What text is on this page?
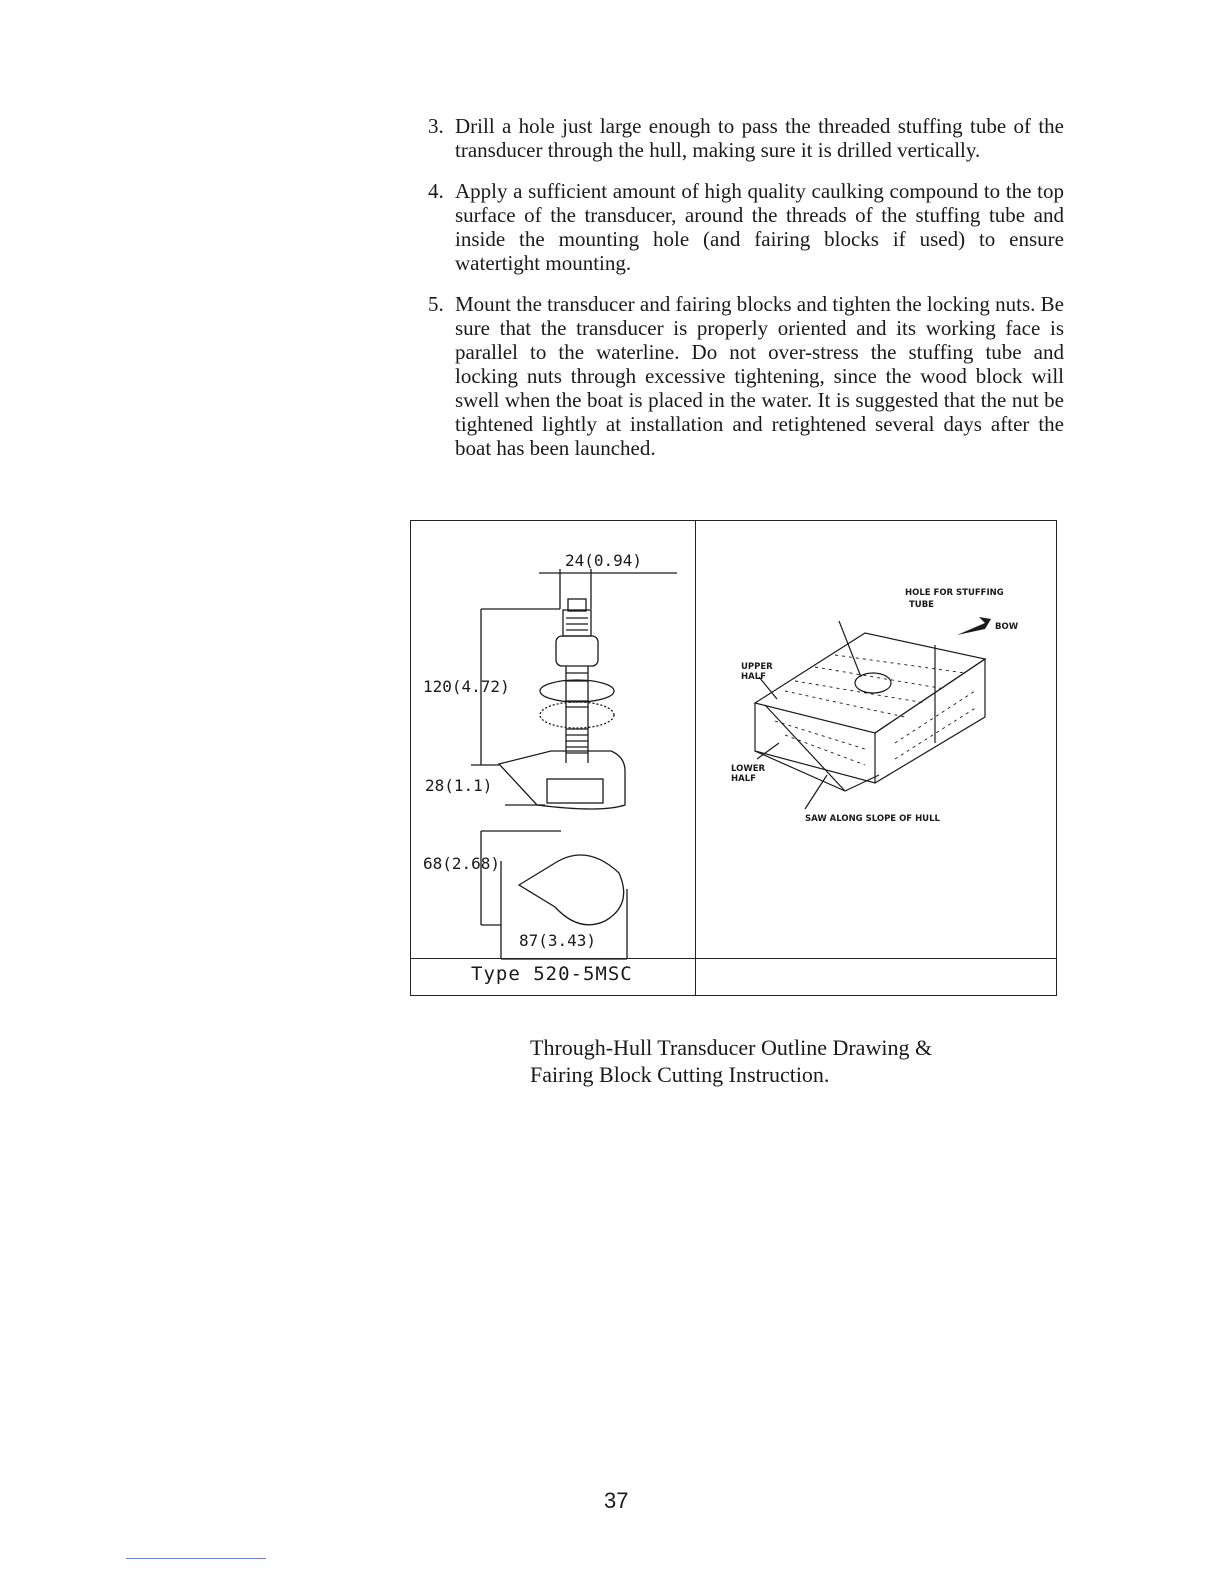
3. Drill a hole just large enough to pass the threaded stuffing tube of the transducer through the hull, making sure it is drilled vertically.
4. Apply a sufficient amount of high quality caulking compound to the top surface of the transducer, around the threads of the stuffing tube and inside the mounting hole (and fairing blocks if used) to ensure watertight mounting.
5. Mount the transducer and fairing blocks and tighten the locking nuts. Be sure that the transducer is properly oriented and its working face is parallel to the waterline. Do not over-stress the stuffing tube and locking nuts through excessive tightening, since the wood block will swell when the boat is placed in the water. It is suggested that the nut be tightened lightly at installation and retightened several days after the boat has been launched.
24(0.94)
120(4.72)
28(1.1)
68(2.68)
87(3.43)
HOLE FOR STUFFING
TUBE
BOW
UPPER
HALF
LOWER
HALF
SAW ALONG SLOPE OF HULL
Type 520-5MSC
Through-Hull Transducer Outline Drawing &
Fairing Block Cutting Instruction.
37
